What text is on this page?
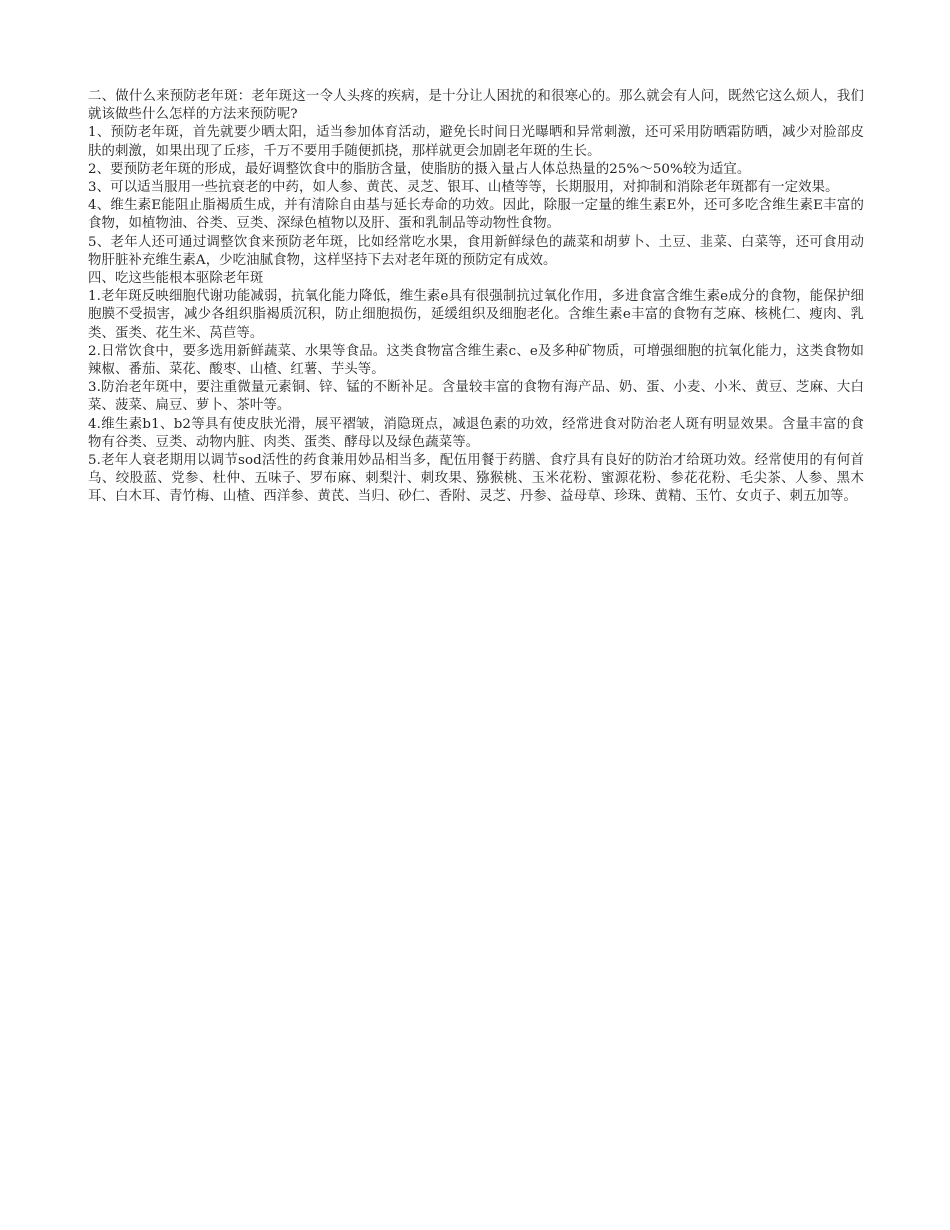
二、做什么来预防老年斑：老年斑这一令人头疼的疾病，是十分让人困扰的和很寒心的。那么就会有人问，既然它这么烦人，我们就该做些什么怎样的方法来预防呢?

1、预防老年斑，首先就要少晒太阳，适当参加体育活动，避免长时间日光曝晒和异常刺激，还可采用防晒霜防晒，减少对脸部皮肤的刺激，如果出现了丘疹，千万不要用手随便抓挠，那样就更会加剧老年斑的生长。

2、要预防老年斑的形成，最好调整饮食中的脂肪含量，使脂肪的摄入量占人体总热量的25%～50%较为适宜。

3、可以适当服用一些抗衰老的中药，如人参、黄芪、灵芝、银耳、山楂等等，长期服用，对抑制和消除老年斑都有一定效果。

4、维生素E能阻止脂褐质生成，并有清除自由基与延长寿命的功效。因此，除服一定量的维生素E外，还可多吃含维生素E丰富的食物，如植物油、谷类、豆类、深绿色植物以及肝、蛋和乳制品等动物性食物。

5、老年人还可通过调整饮食来预防老年斑，比如经常吃水果，食用新鲜绿色的蔬菜和胡萝卜、土豆、韭菜、白菜等，还可食用动物肝脏补充维生素A，少吃油腻食物，这样坚持下去对老年斑的预防定有成效。

四、吃这些能根本驱除老年斑

1.老年斑反映细胞代谢功能减弱，抗氧化能力降低，维生素e具有很强制抗过氧化作用，多进食富含维生素e成分的食物，能保护细胞膜不受损害，减少各组织脂褐质沉积，防止细胞损伤，延缓组织及细胞老化。含维生素e丰富的食物有芝麻、核桃仁、瘦肉、乳类、蛋类、花生米、莴苣等。

2.日常饮食中，要多选用新鲜蔬菜、水果等食品。这类食物富含维生素c、e及多种矿物质，可增强细胞的抗氧化能力，这类食物如辣椒、番茄、菜花、酸枣、山楂、红薯、芋头等。

3.防治老年斑中，要注重微量元素铜、锌、锰的不断补足。含量较丰富的食物有海产品、奶、蛋、小麦、小米、黄豆、芝麻、大白菜、菠菜、扁豆、萝卜、茶叶等。

4.维生素b1、b2等具有使皮肤光滑，展平褶皱，消隐斑点，减退色素的功效，经常进食对防治老人斑有明显效果。含量丰富的食物有谷类、豆类、动物内脏、肉类、蛋类、酵母以及绿色蔬菜等。

5.老年人衰老期用以调节sod活性的药食兼用妙品相当多，配伍用餐于药膳、食疗具有良好的防治才给斑功效。经常使用的有何首乌、绞股蓝、党参、杜仲、五味子、罗布麻、刺梨汁、刺玫果、猕猴桃、玉米花粉、蜜源花粉、参花花粉、毛尖茶、人参、黑木耳、白木耳、青竹梅、山楂、西洋参、黄芪、当归、砂仁、香附、灵芝、丹参、益母草、珍珠、黄精、玉竹、女贞子、刺五加等。
